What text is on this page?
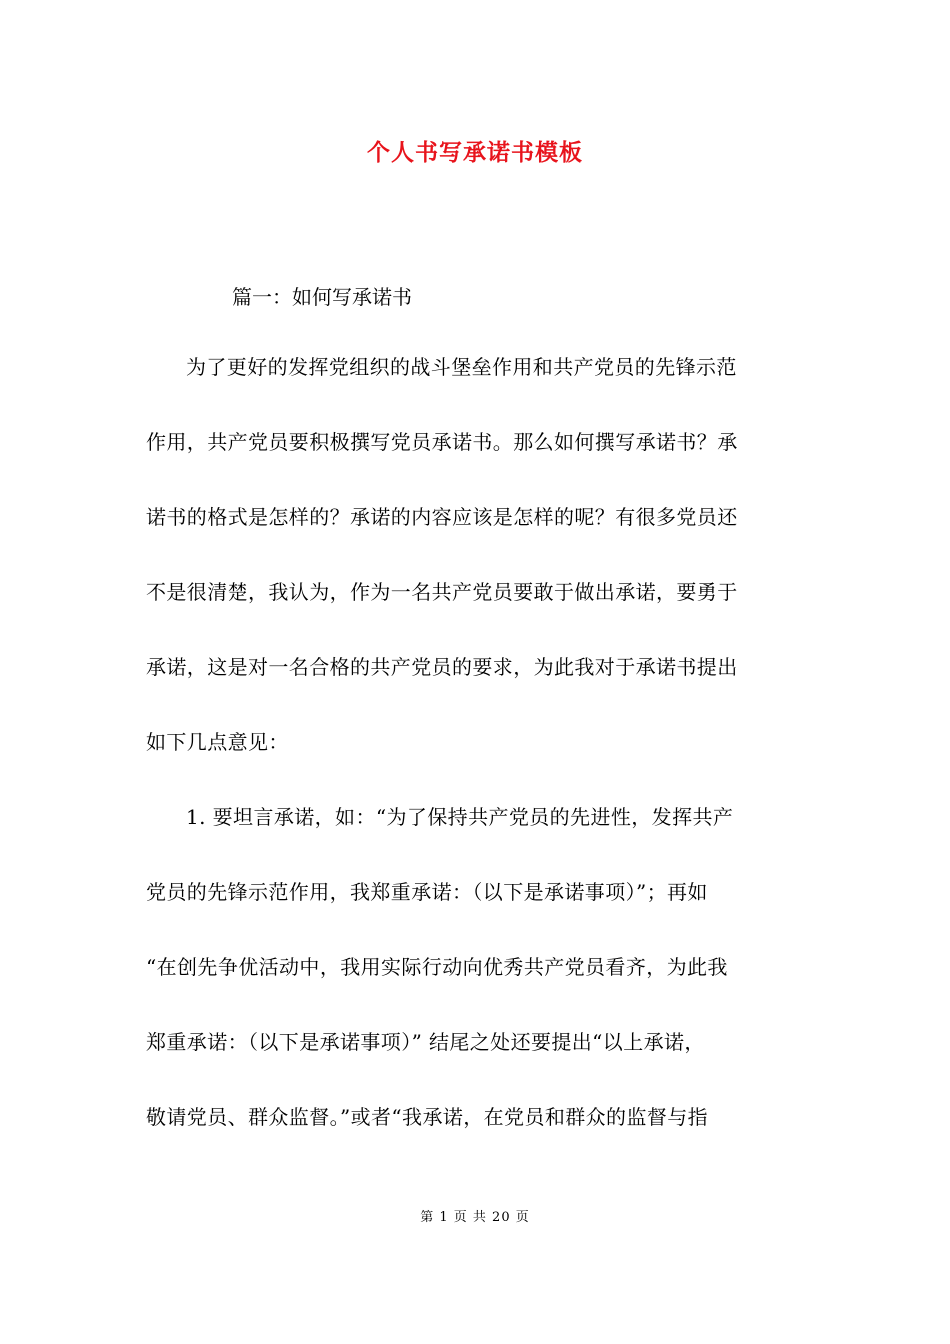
个人书写承诺书模板
篇一：如何写承诺书
为了更好的发挥党组织的战斗堡垒作用和共产党员的先锋示范
作用，共产党员要积极撰写党员承诺书。那么如何撰写承诺书？承
诺书的格式是怎样的？承诺的内容应该是怎样的呢？有很多党员还
不是很清楚，我认为，作为一名共产党员要敢于做出承诺，要勇于
承诺，这是对一名合格的共产党员的要求，为此我对于承诺书提出
如下几点意见：
1. 要坦言承诺，如：“为了保持共产党员的先进性，发挥共产
党员的先锋示范作用，我郑重承诺：（以下是承诺事项）”；再如
“在创先争优活动中，我用实际行动向优秀共产党员看齐，为此我
郑重承诺：（以下是承诺事项）” 结尾之处还要提出“以上承诺，
敬请党员、群众监督。”或者“我承诺，在党员和群众的监督与指
第 1 页 共 20 页
